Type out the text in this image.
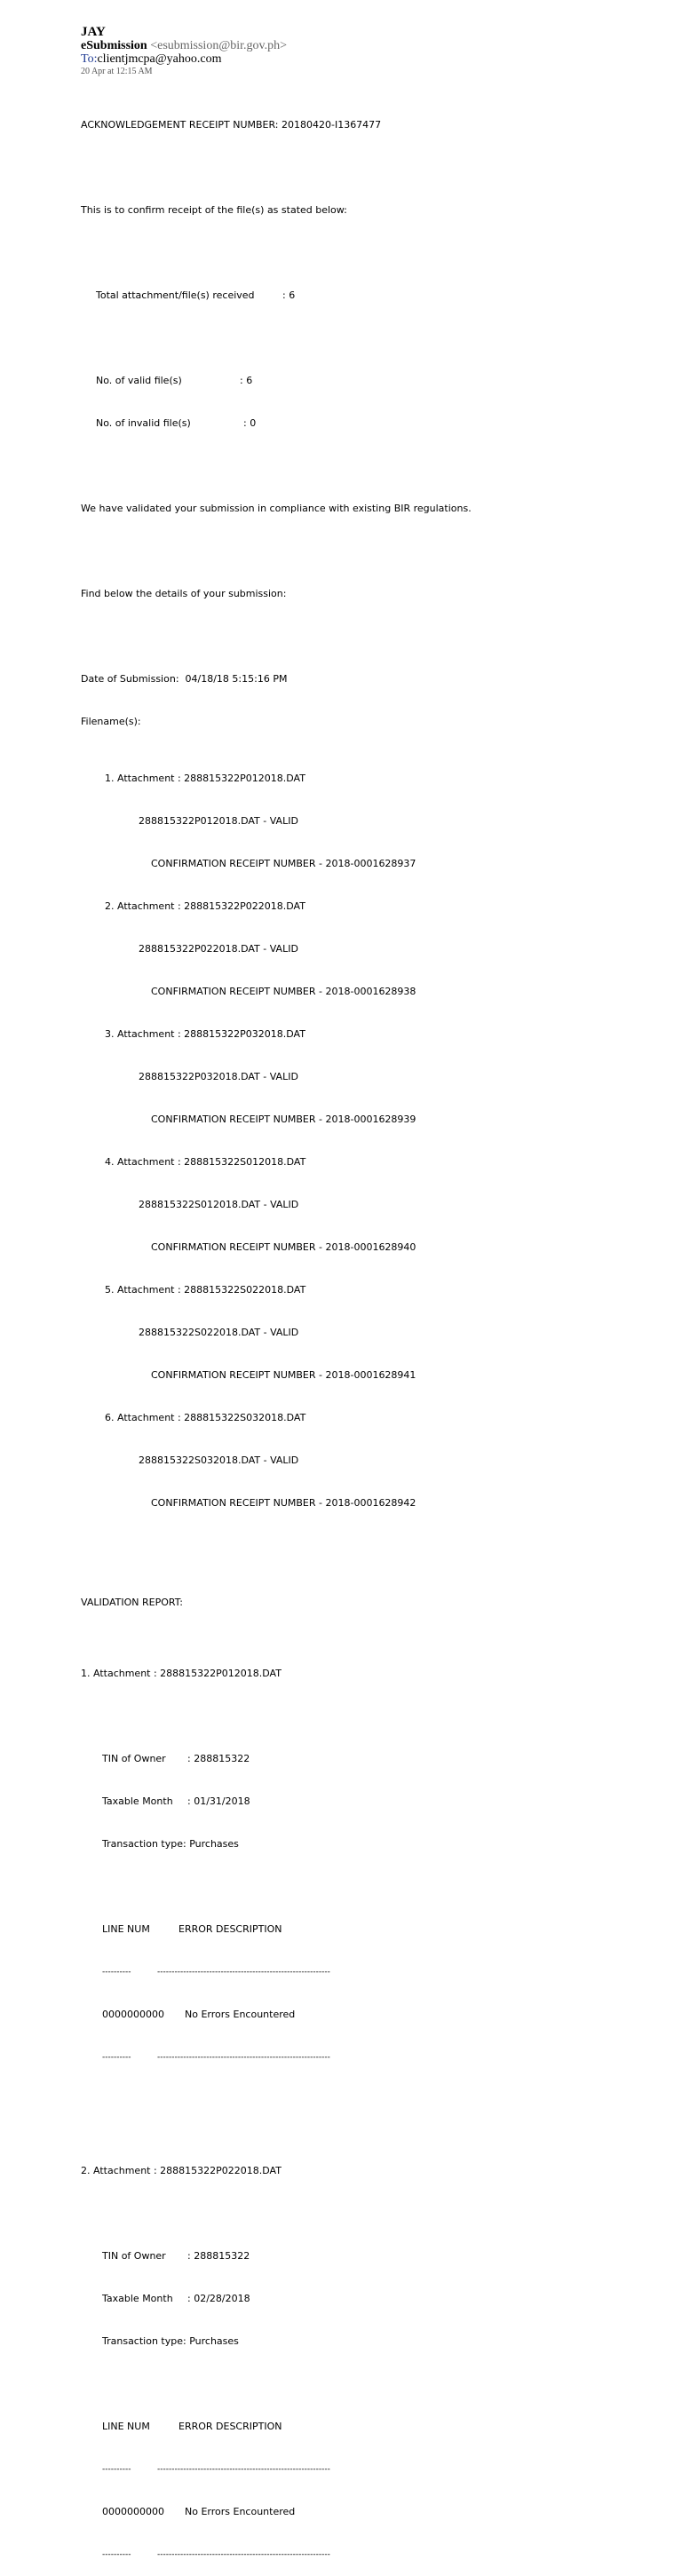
JAY
eSubmission <esubmission@bir.gov.ph>
To:clientjmcpa@yahoo.com
20 Apr at 12:15 AM

ACKNOWLEDGEMENT RECEIPT NUMBER: 20180420-I1367477

This is to confirm receipt of the file(s) as stated below:

Total attachment/file(s) received	: 6

No. of valid file(s)	: 6

No. of invalid file(s)	: 0

We have validated your submission in compliance with existing BIR regulations.

Find below the details of your submission:

Date of Submission:  04/18/18 5:15:16 PM

Filename(s):

1. Attachment : 288815322P012018.DAT

288815322P012018.DAT - VALID

CONFIRMATION RECEIPT NUMBER - 2018-0001628937

2. Attachment : 288815322P022018.DAT

288815322P022018.DAT - VALID

CONFIRMATION RECEIPT NUMBER - 2018-0001628938

3. Attachment : 288815322P032018.DAT

288815322P032018.DAT - VALID

CONFIRMATION RECEIPT NUMBER - 2018-0001628939

4. Attachment : 288815322S012018.DAT

288815322S012018.DAT - VALID

CONFIRMATION RECEIPT NUMBER - 2018-0001628940

5. Attachment : 288815322S022018.DAT

288815322S022018.DAT - VALID

CONFIRMATION RECEIPT NUMBER - 2018-0001628941

6. Attachment : 288815322S032018.DAT

288815322S032018.DAT - VALID

CONFIRMATION RECEIPT NUMBER - 2018-0001628942

VALIDATION REPORT:

1. Attachment : 288815322P012018.DAT

TIN of Owner : 288815322

Taxable Month : 01/31/2018

Transaction type: Purchases

LINE NUM	ERROR DESCRIPTION

----------	------------------------------------------------------------

0000000000 No Errors Encountered

----------	------------------------------------------------------------

2. Attachment : 288815322P022018.DAT

TIN of Owner : 288815322

Taxable Month : 02/28/2018

Transaction type: Purchases

LINE NUM	ERROR DESCRIPTION

----------	------------------------------------------------------------

0000000000 No Errors Encountered

----------	------------------------------------------------------------
